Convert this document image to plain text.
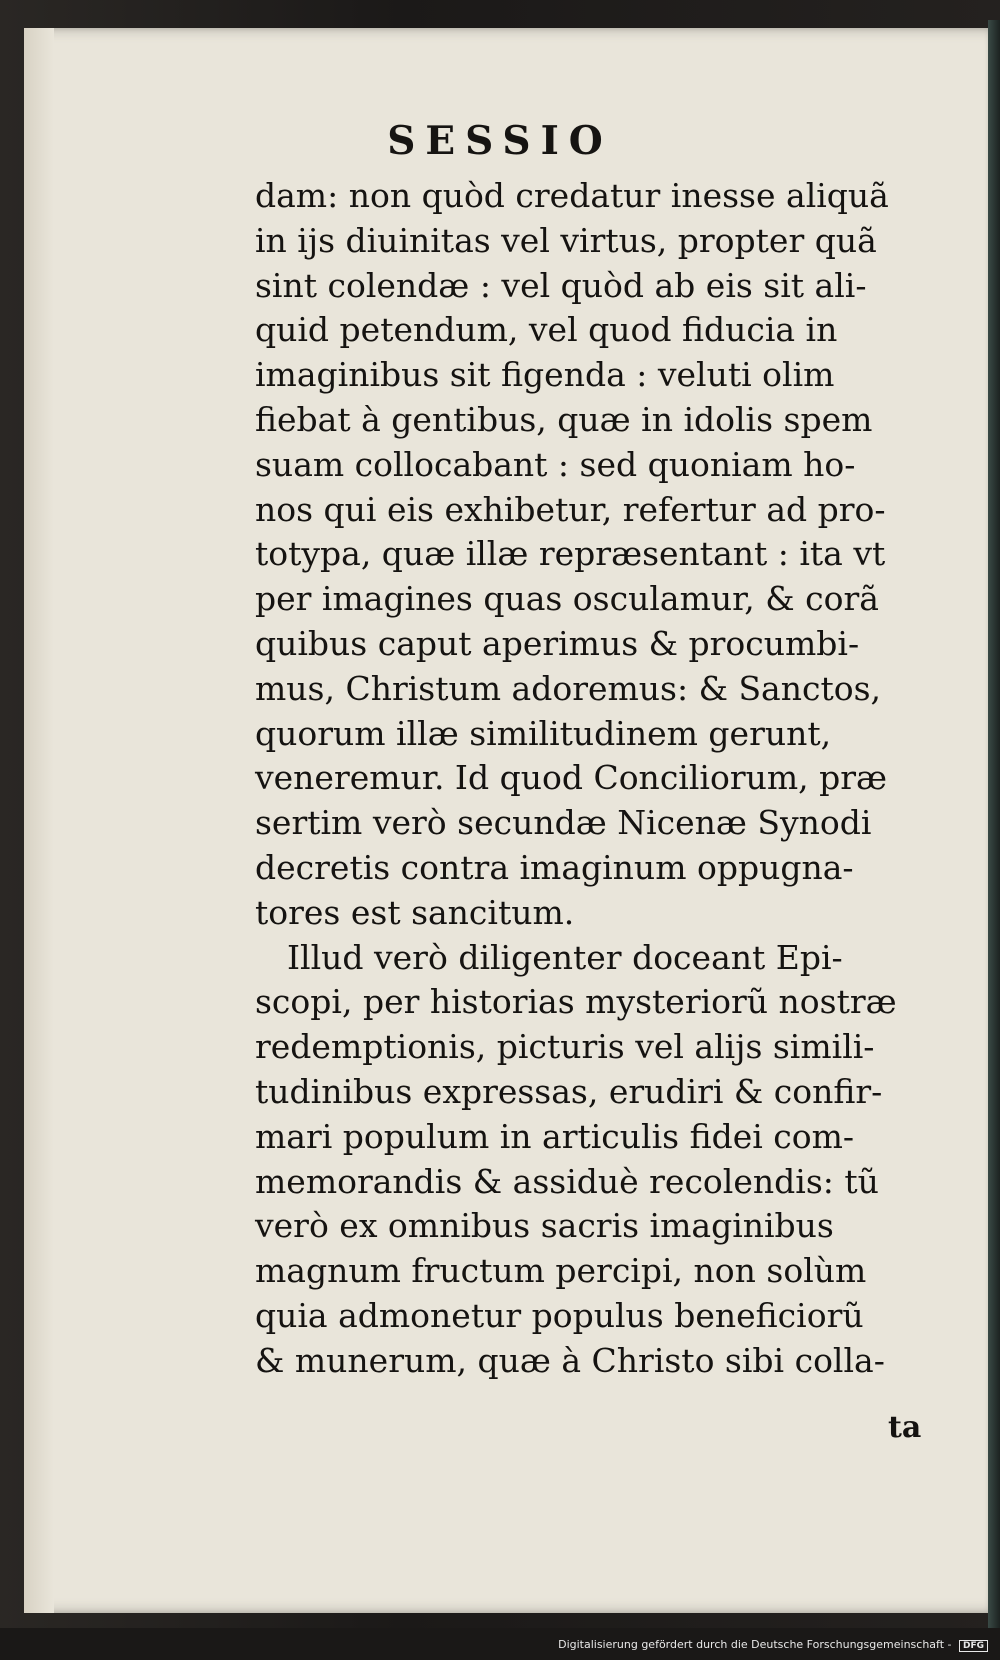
SESSIO
dam: non quòd credatur inesse aliquã
in ijs diuinitas vel virtus, propter quã
sint colendæ : vel quòd ab eis sit ali-
quid petendum, vel quod fiducia in
imaginibus sit figenda : veluti olim
fiebat à gentibus, quæ in idolis spem
suam collocabant : sed quoniam ho-
nos qui eis exhibetur, refertur ad pro-
totypa, quæ illæ repræsentant : ita vt
per imagines quas osculamur, & corã
quibus caput aperimus & procumbi-
mus, Christum adoremus: & Sanctos,
quorum illæ similitudinem gerunt,
veneremur. Id quod Conciliorum, præ
sertim verò secundæ Nicenæ Synodi
decretis contra imaginum oppugna-
tores est sancitum.
Illud verò diligenter doceant Epi-
scopi, per historias mysteriorũ nostræ
redemptionis, picturis vel alijs simili-
tudinibus expressas, erudiri & confir-
mari populum in articulis fidei com-
memorandis & assiduè recolendis: tũ
verò ex omnibus sacris imaginibus
magnum fructum percipi, non solùm
quia admonetur populus beneficiorũ
& munerum, quæ à Christo sibi colla-
ta
Digitalisierung gefördert durch die Deutsche Forschungsgemeinschaft - DFG
